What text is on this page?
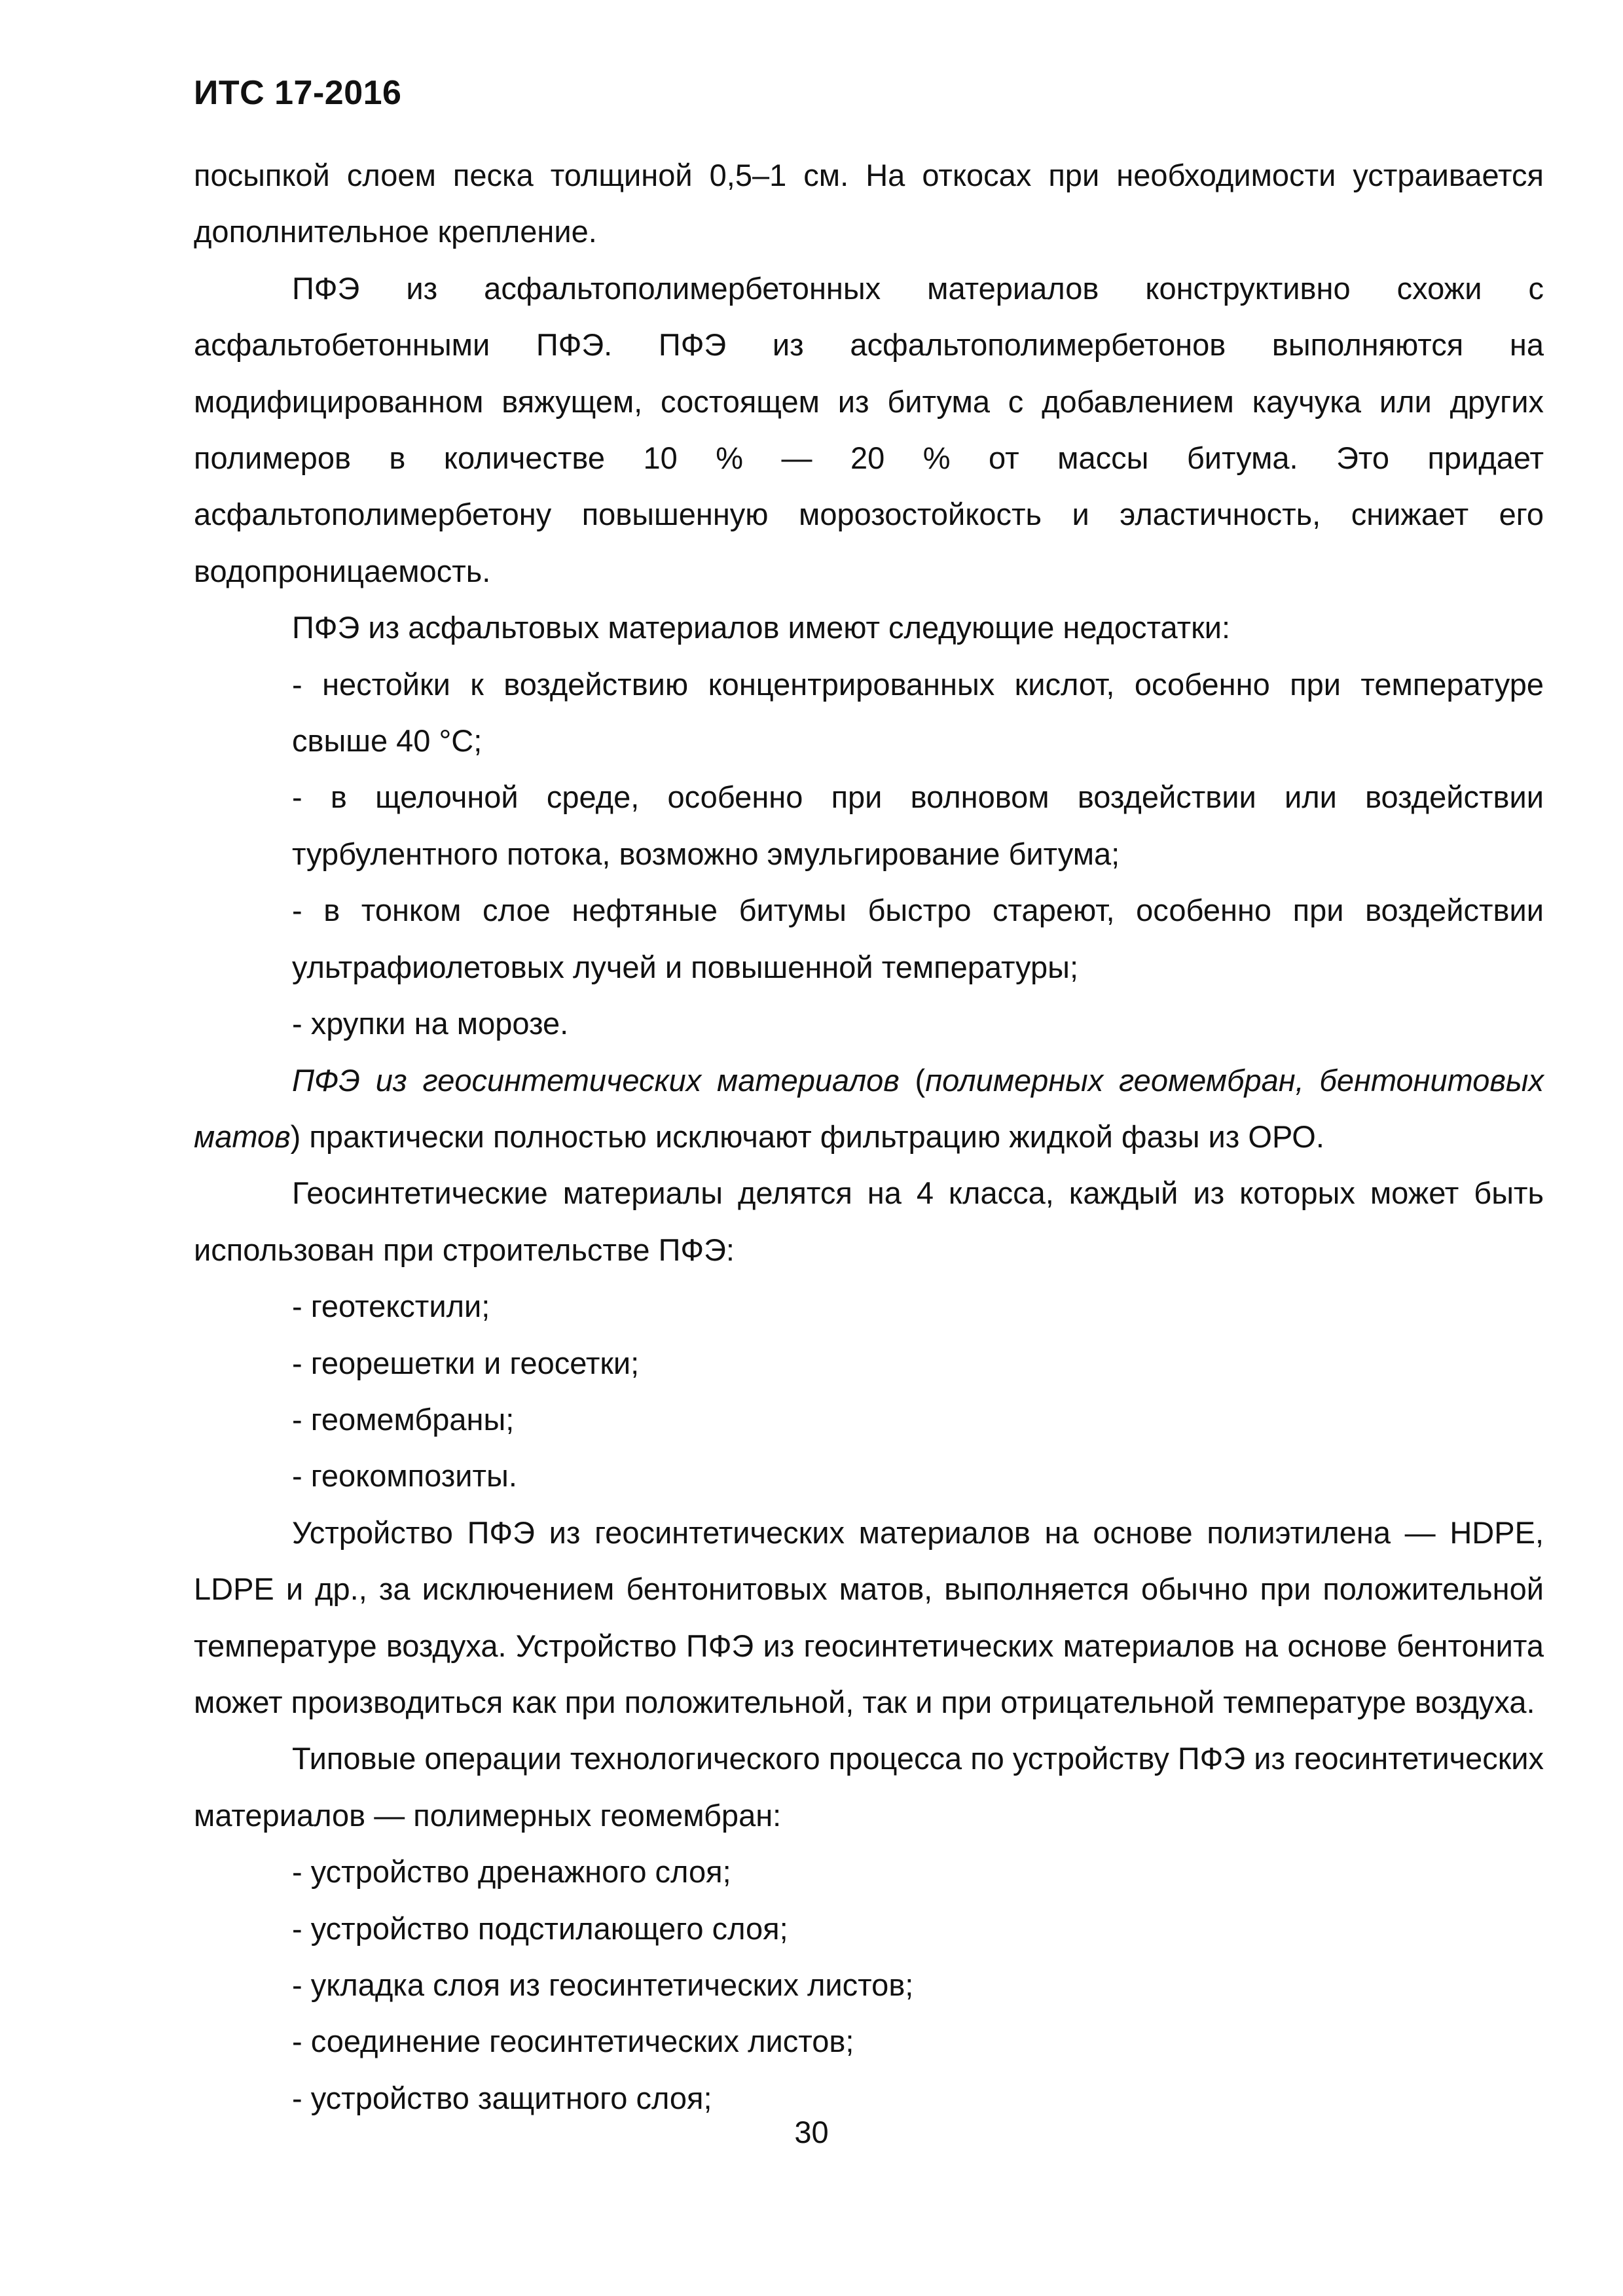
ИТС 17-2016

посыпкой слоем песка толщиной 0,5–1 см. На откосах при необходимости устраивается дополнительное крепление.

ПФЭ из асфальтополимербетонных материалов конструктивно схожи с асфальтобетонными ПФЭ. ПФЭ из асфальтополимербетонов выполняются на модифицированном вяжущем, состоящем из битума с добавлением каучука или других полимеров в количестве 10 % — 20 % от массы битума. Это придает асфальтополимербетону повышенную морозостойкость и эластичность, снижает его водопроницаемость.

ПФЭ из асфальтовых материалов имеют следующие недостатки:

- нестойки к воздействию концентрированных кислот, особенно при температуре свыше 40 °С;

- в щелочной среде, особенно при волновом воздействии или воздействии турбулентного потока, возможно эмульгирование битума;

- в тонком слое нефтяные битумы быстро стареют, особенно при воздействии ультрафиолетовых лучей и повышенной температуры;

- хрупки на морозе.

ПФЭ из геосинтетических материалов (полимерных геомембран, бентонитовых матов) практически полностью исключают фильтрацию жидкой фазы из ОРО.

Геосинтетические материалы делятся на 4 класса, каждый из которых может быть использован при строительстве ПФЭ:

- геотекстили;

- георешетки и геосетки;

- геомембраны;

- геокомпозиты.

Устройство ПФЭ из геосинтетических материалов на основе полиэтилена — HDPE, LDPE и др., за исключением бентонитовых матов, выполняется обычно при положительной температуре воздуха. Устройство ПФЭ из геосинтетических материалов на основе бентонита может производиться как при положительной, так и при отрицательной температуре воздуха.

Типовые операции технологического процесса по устройству ПФЭ из геосинтетических материалов — полимерных геомембран:

- устройство дренажного слоя;

- устройство подстилающего слоя;

- укладка слоя из геосинтетических листов;

- соединение геосинтетических листов;

- устройство защитного слоя;

30
